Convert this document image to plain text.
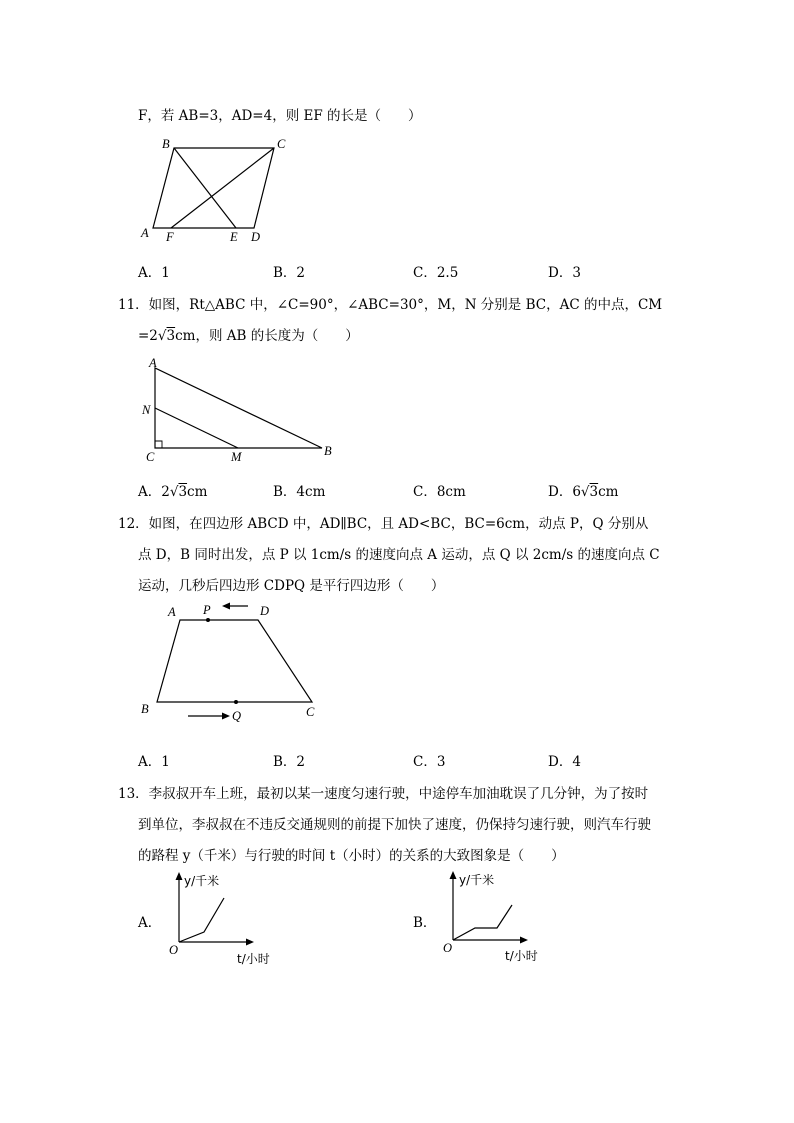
F，若 AB=3，AD=4，则 EF 的长是（　　）
B	C
A F	E D
A．1	B．2	C．2.5	D．3
11．如图，Rt△ABC 中，∠C=90°，∠ABC=30°，M，N 分别是 BC，AC 的中点，CM
=2√3cm，则 AB 的长度为（　　）
A
N
C	M	B
A．2√3cm	B．4cm	C．8cm	D．6√3cm
12．如图，在四边形 ABCD 中，AD∥BC，且 AD<BC，BC=6cm，动点 P，Q 分别从
点 D，B 同时出发，点 P 以 1cm/s 的速度向点 A 运动，点 Q 以 2cm/s 的速度向点 C
运动，几秒后四边形 CDPQ 是平行四边形（　　）
A P	D
B	Q	C
A．1	B．2	C．3	D．4
13．李叔叔开车上班，最初以某一速度匀速行驶，中途停车加油耽误了几分钟，为了按时
到单位，李叔叔在不违反交通规则的前提下加快了速度，仍保持匀速行驶，则汽车行驶
的路程 y（千米）与行驶的时间 t（小时）的关系的大致图象是（　　）
A．
O
y/千米
t/小时
B．
O
y/千米
t/小时
